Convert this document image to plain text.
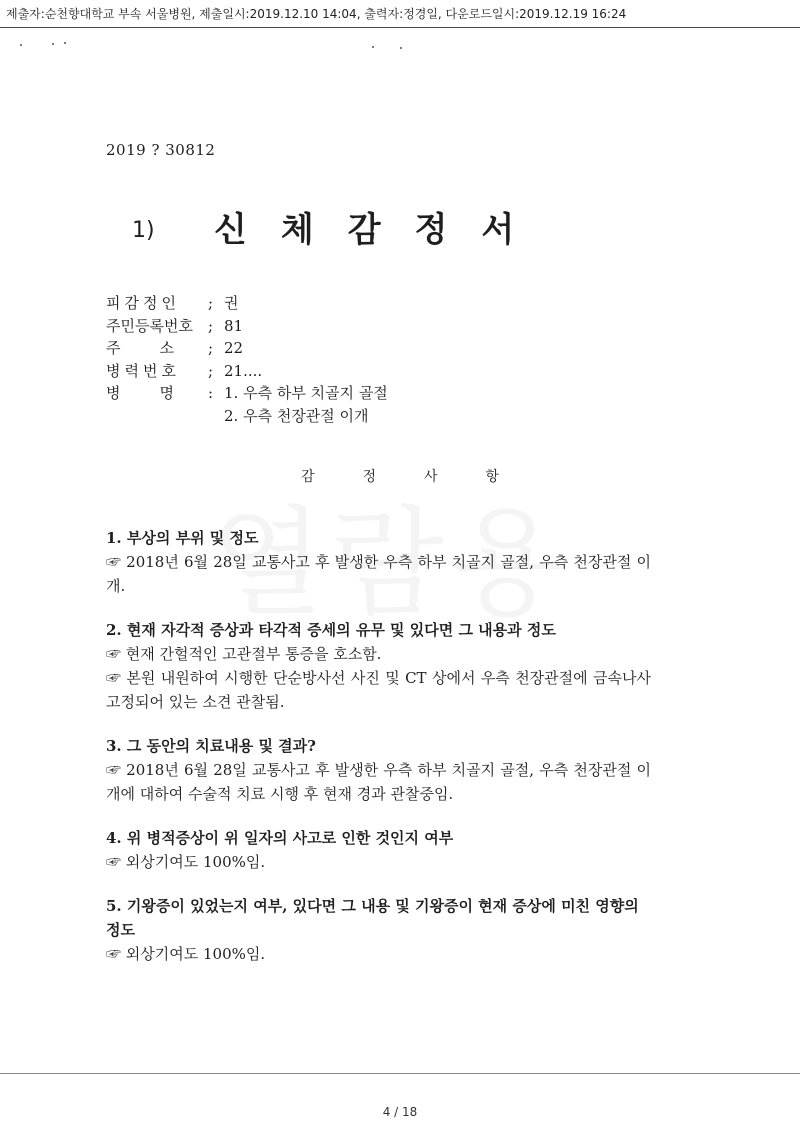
제출자:순천향대학교 부속 서울병원, 제출일시:2019.12.10 14:04, 출력자:정경일, 다운로드일시:2019.12.19 16:24
2019 ? 30812
1) 신체감정서
피감정인	; 권
주민등록번호	; 81
주    소	; 22
병력번호	; 21....
병    명	: 1. 우측 하부 치골지 골절
2. 우측 천장관절 이개
감정사항
1. 부상의 부위 및 정도
☞ 2018년 6월 28일 교통사고 후 발생한 우측 하부 치골지 골절, 우측 천장관절 이개.
2. 현재 자각적 증상과 타각적 증세의 유무 및 있다면 그 내용과 정도
☞ 현재 간헐적인 고관절부 통증을 호소함.
☞ 본원 내원하여 시행한 단순방사선 사진 및 CT 상에서 우측 천장관절에 금속나사 고정되어 있는 소견 관찰됨.
3. 그 동안의 치료내용 및 결과?
☞ 2018년 6월 28일 교통사고 후 발생한 우측 하부 치골지 골절, 우측 천장관절 이개에 대하여 수술적 치료 시행 후 현재 경과 관찰중임.
4. 위 병적증상이 위 일자의 사고로 인한 것인지 여부
☞ 외상기여도 100%임.
5. 기왕증이 있었는지 여부, 있다면 그 내용 및 기왕증이 현재 증상에 미친 영향의 정도
☞ 외상기여도 100%임.
4 / 18
